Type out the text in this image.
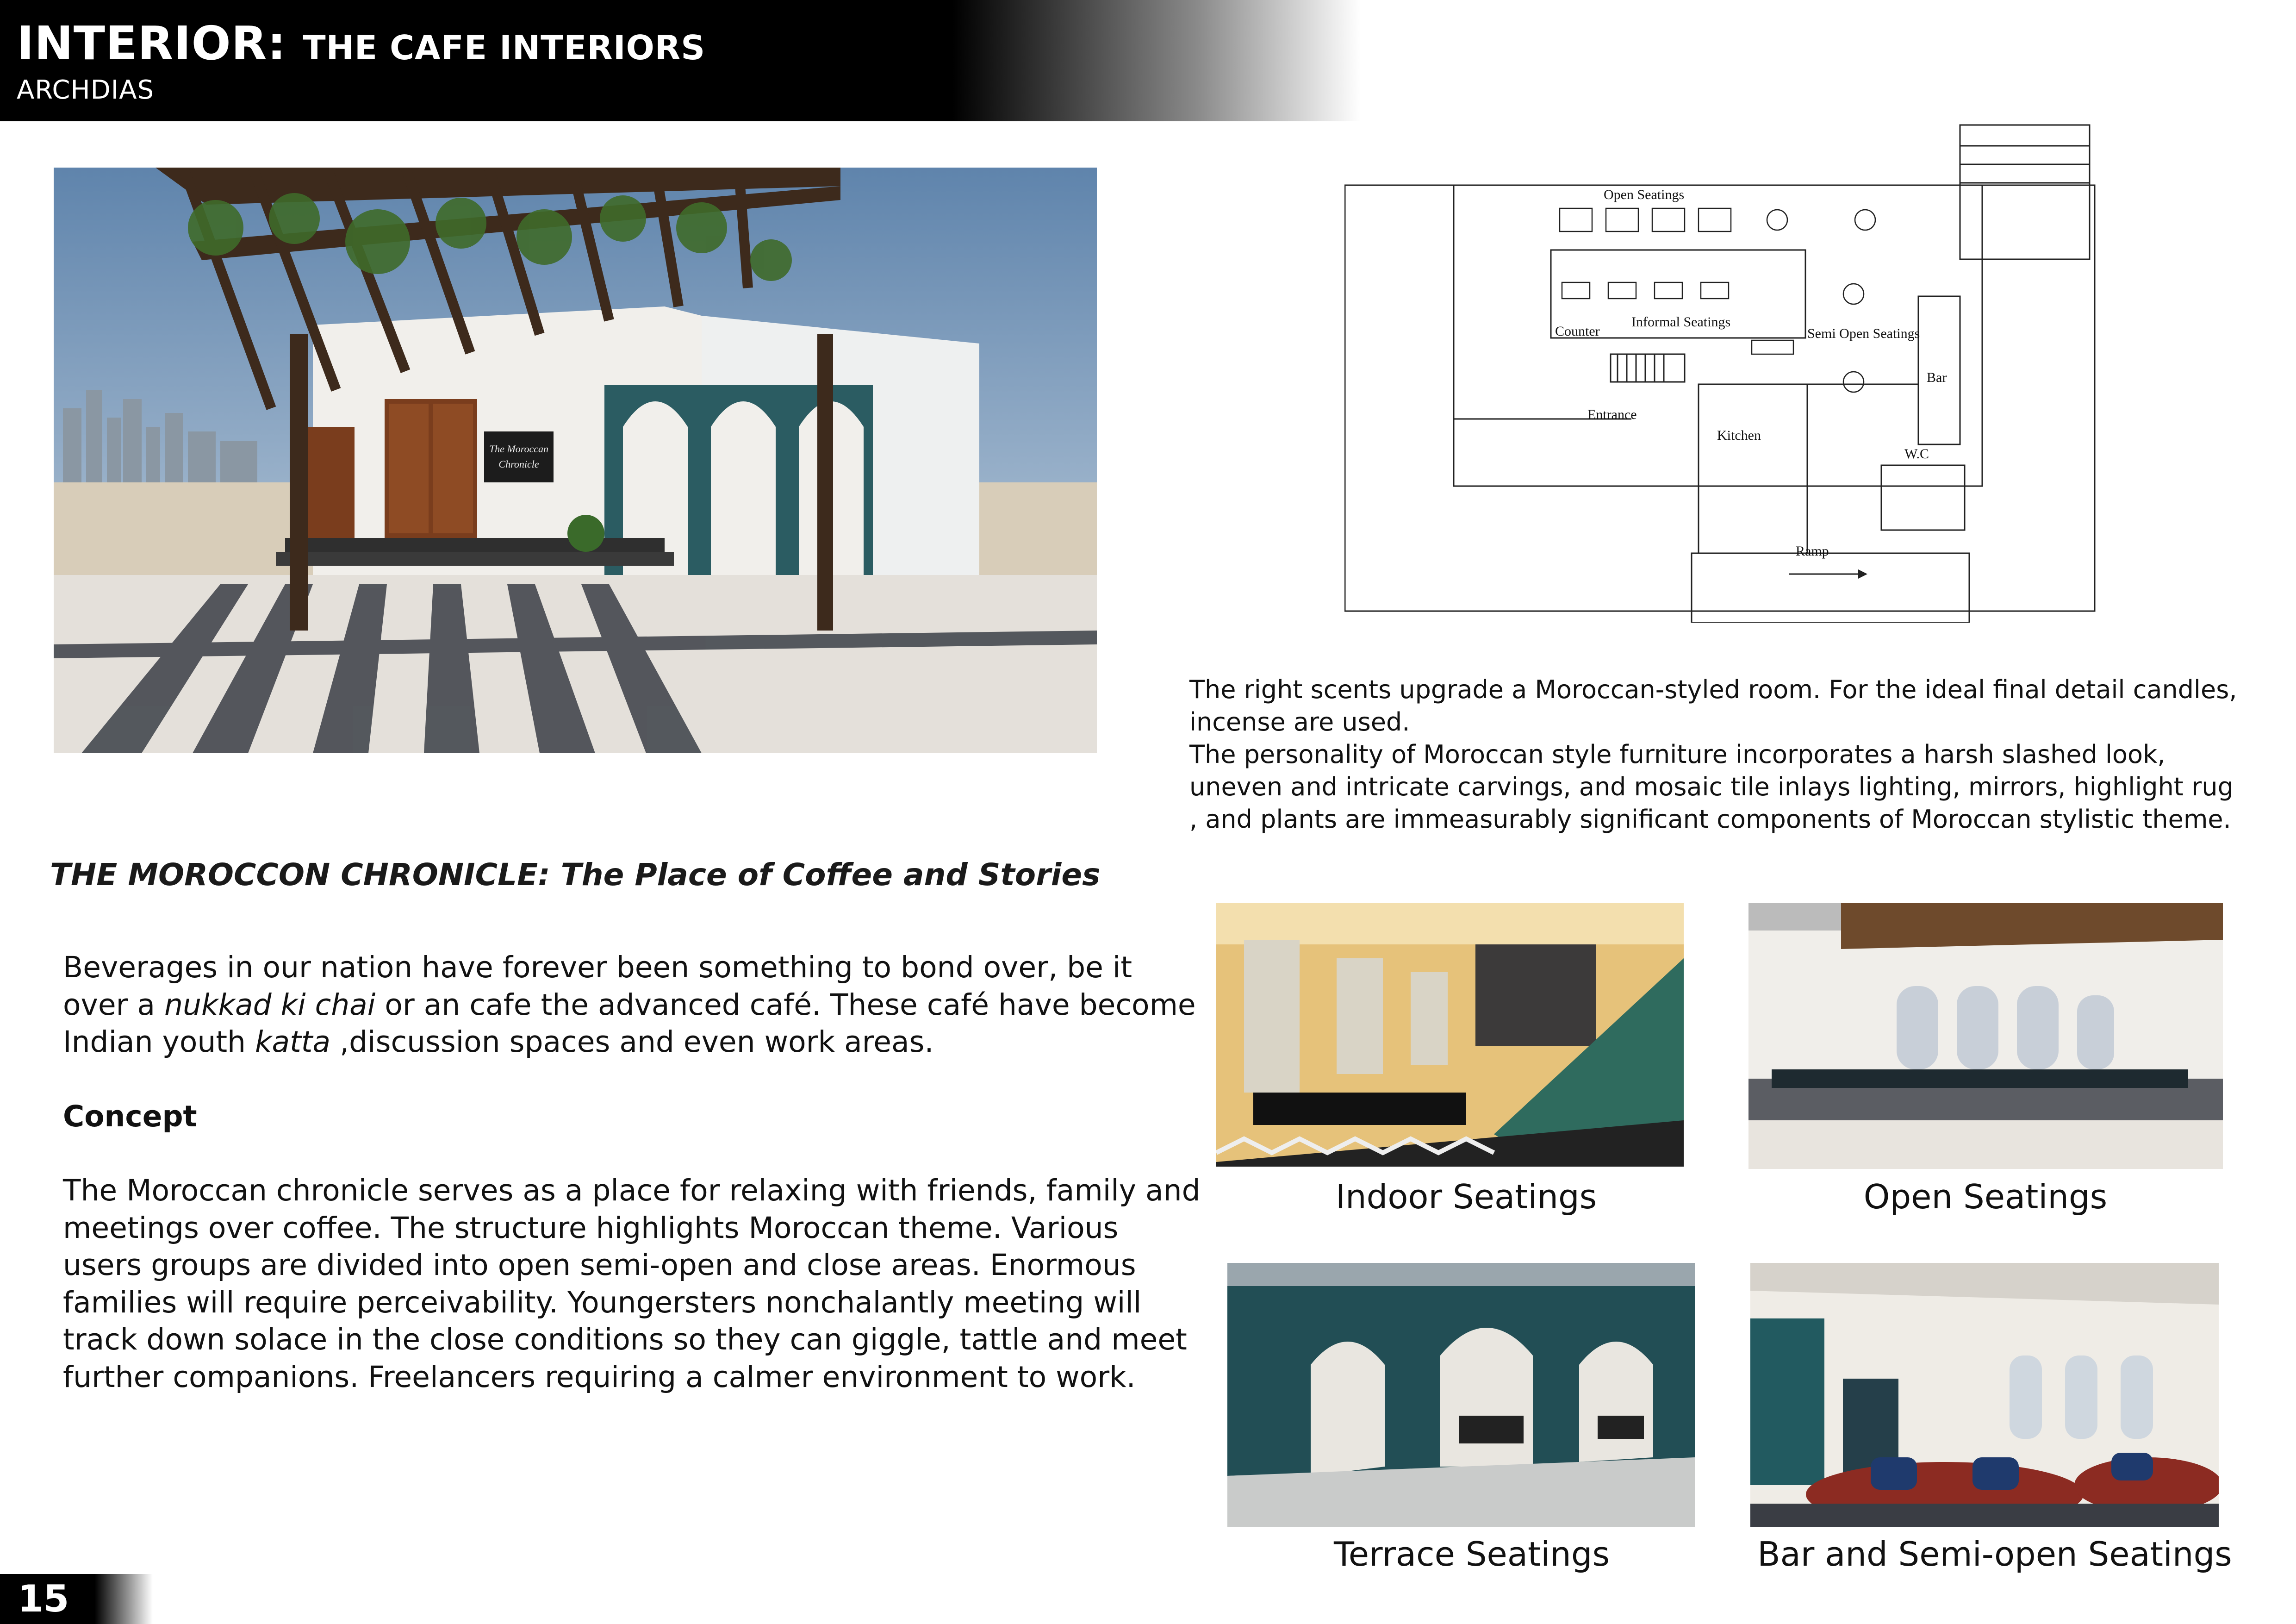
INTERIOR: THE CAFE INTERIORS
ARCHDIAS
The Moroccan
Chronicle
Open Seatings
Counter
Informal Seatings
Semi Open Seatings
Bar
Entrance
Kitchen
W.C
Ramp

The right scents upgrade a Moroccan-styled room. For the ideal final detail candles, incense are used.

The personality of Moroccan style furniture incorporates a harsh slashed look, uneven and intricate carvings, and mosaic tile inlays lighting, mirrors, highlight rug , and plants are immeasurably significant components of Moroccan stylistic theme.

THE MOROCCON CHRONICLE: The Place of Coffee and Stories

Beverages in our nation have forever been something to bond over, be it over a nukkad ki chai or an cafe the advanced café. These café have become Indian youth katta ,discussion spaces and even work areas.

Concept

The Moroccan chronicle serves as a place for relaxing with friends, family and meetings over coffee. The structure highlights Moroccan theme. Various users groups are divided into open semi-open and close areas. Enormous families will require perceivability. Youngersters nonchalantly meeting will track down solace in the close conditions so they can giggle, tattle and meet further companions. Freelancers requiring a calmer environment to work.

Indoor Seatings	Open Seatings
Terrace Seatings	Bar and Semi-open Seatings
15
